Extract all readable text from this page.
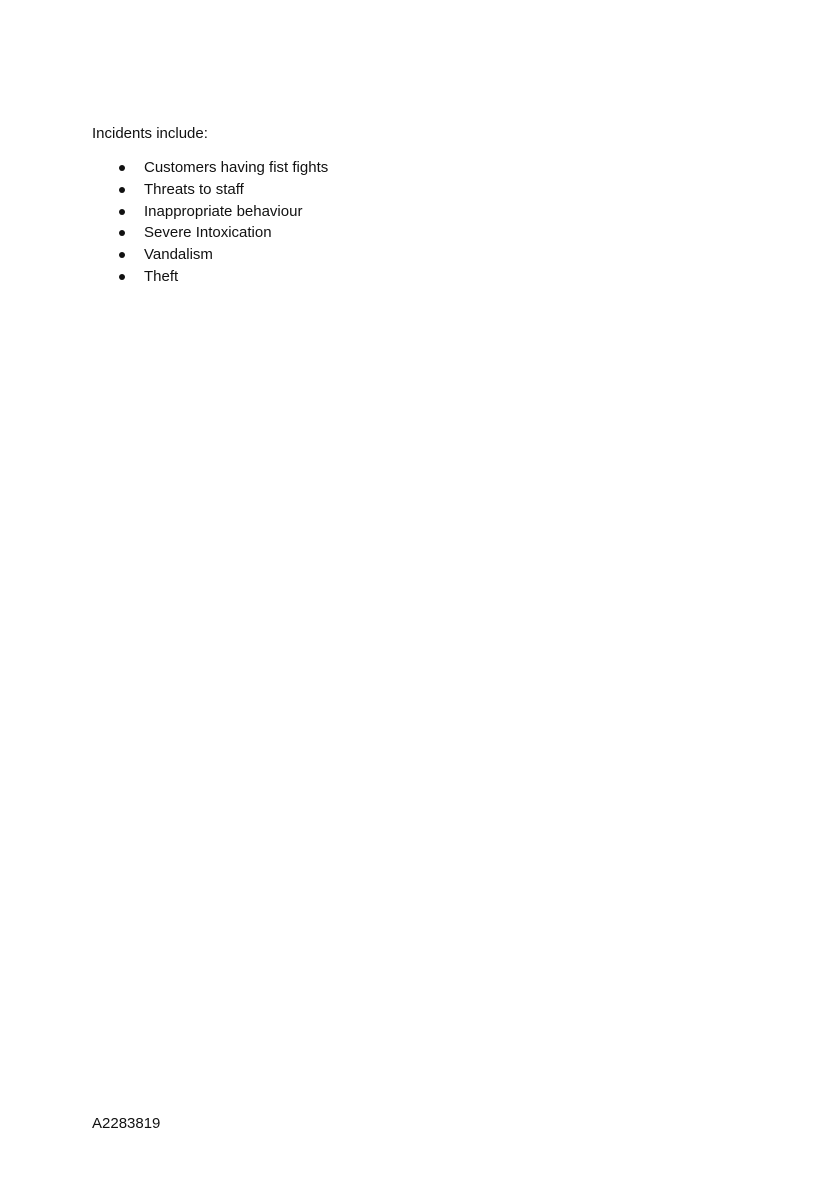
Incidents include:

Customers having fist fights
Threats to staff
Inappropriate behaviour
Severe Intoxication
Vandalism
Theft

A2283819
